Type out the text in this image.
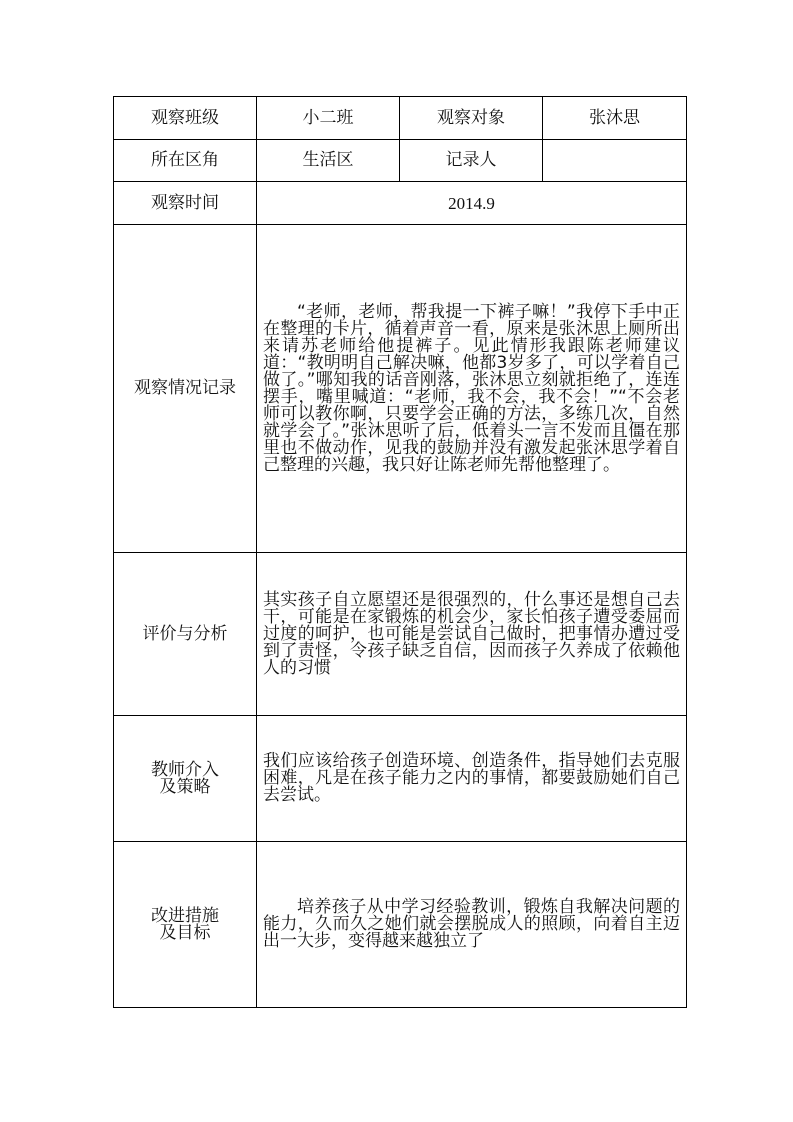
观察班级	小二班	观察对象	张沐思
所在区角	生活区	记录人	
观察时间	2014.9		
观察情况记录	“老师，老师，帮我提一下裤子嘛！”我停下手中正在整理的卡片，循着声音一看，原来是张沐思上厕所出来请苏老师给他提裤子。见此情形我跟陈老师建议道：“教明明自己解决嘛，他都3岁多了，可以学着自己做了。”哪知我的话音刚落，张沐思立刻就拒绝了，连连摆手，嘴里喊道：“老师，我不会，我不会！”“不会老师可以教你啊，只要学会正确的方法，多练几次，自然就学会了。”张沐思听了后，低着头一言不发而且僵在那里也不做动作，见我的鼓励并没有激发起张沐思学着自己整理的兴趣，我只好让陈老师先帮他整理了。		
评价与分析	其实孩子自立愿望还是很强烈的，什么事还是想自己去干，可能是在家锻炼的机会少，家长怕孩子遭受委屈而过度的呵护，也可能是尝试自己做时，把事情办遭过受到了责怪，令孩子缺乏自信，因而孩子久养成了依赖他人的习惯		

教师介入
及策略	我们应该给孩子创造环境、创造条件，指导她们去克服困难，凡是在孩子能力之内的事情，都要鼓励她们自己去尝试。		

改进措施
及目标	培养孩子从中学习经验教训，锻炼自我解决问题的能力，久而久之她们就会摆脱成人的照顾，向着自主迈出一大步，变得越来越独立了		
